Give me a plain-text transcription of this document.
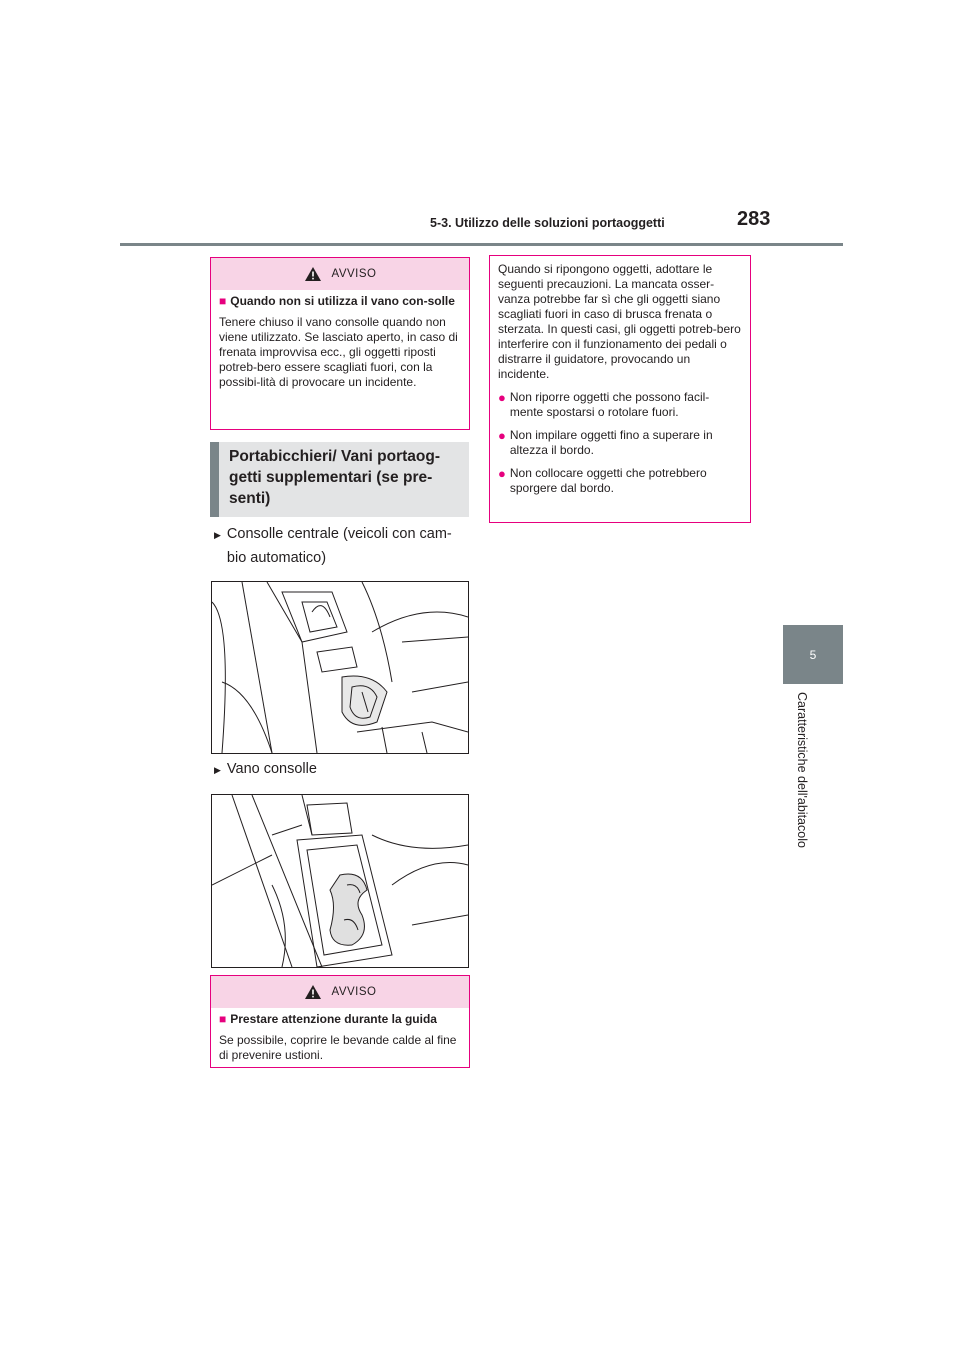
5-3. Utilizzo delle soluzioni portaoggetti	283
5
Caratteristiche dell'abitacolo
AVVISO
■ Quando non si utilizza il vano con-solle

Tenere chiuso il vano consolle quando non viene utilizzato. Se lasciato aperto, in caso di frenata improvvisa ecc., gli oggetti riposti potreb-bero essere scagliati fuori, con la possibi-lità di provocare un incidente.

Portabicchieri/ Vani portaog-getti supplementari (se pre-senti)
▶ Consolle centrale (veicoli con cam-bio automatico)
▶ Vano consolle
AVVISO
■ Prestare attenzione durante la guida

Se possibile, coprire le bevande calde al fine di prevenire ustioni.

Quando si ripongono oggetti, adottare le seguenti precauzioni. La mancata osser-vanza potrebbe far sì che gli oggetti siano scagliati fuori in caso di brusca frenata o sterzata. In questi casi, gli oggetti potreb-bero interferire con il funzionamento dei pedali o distrarre il guidatore, provocando un incidente.

● Non riporre oggetti che possono facil-mente spostarsi o rotolare fuori.
● Non impilare oggetti fino a superare in altezza il bordo.
● Non collocare oggetti che potrebbero sporgere dal bordo.
